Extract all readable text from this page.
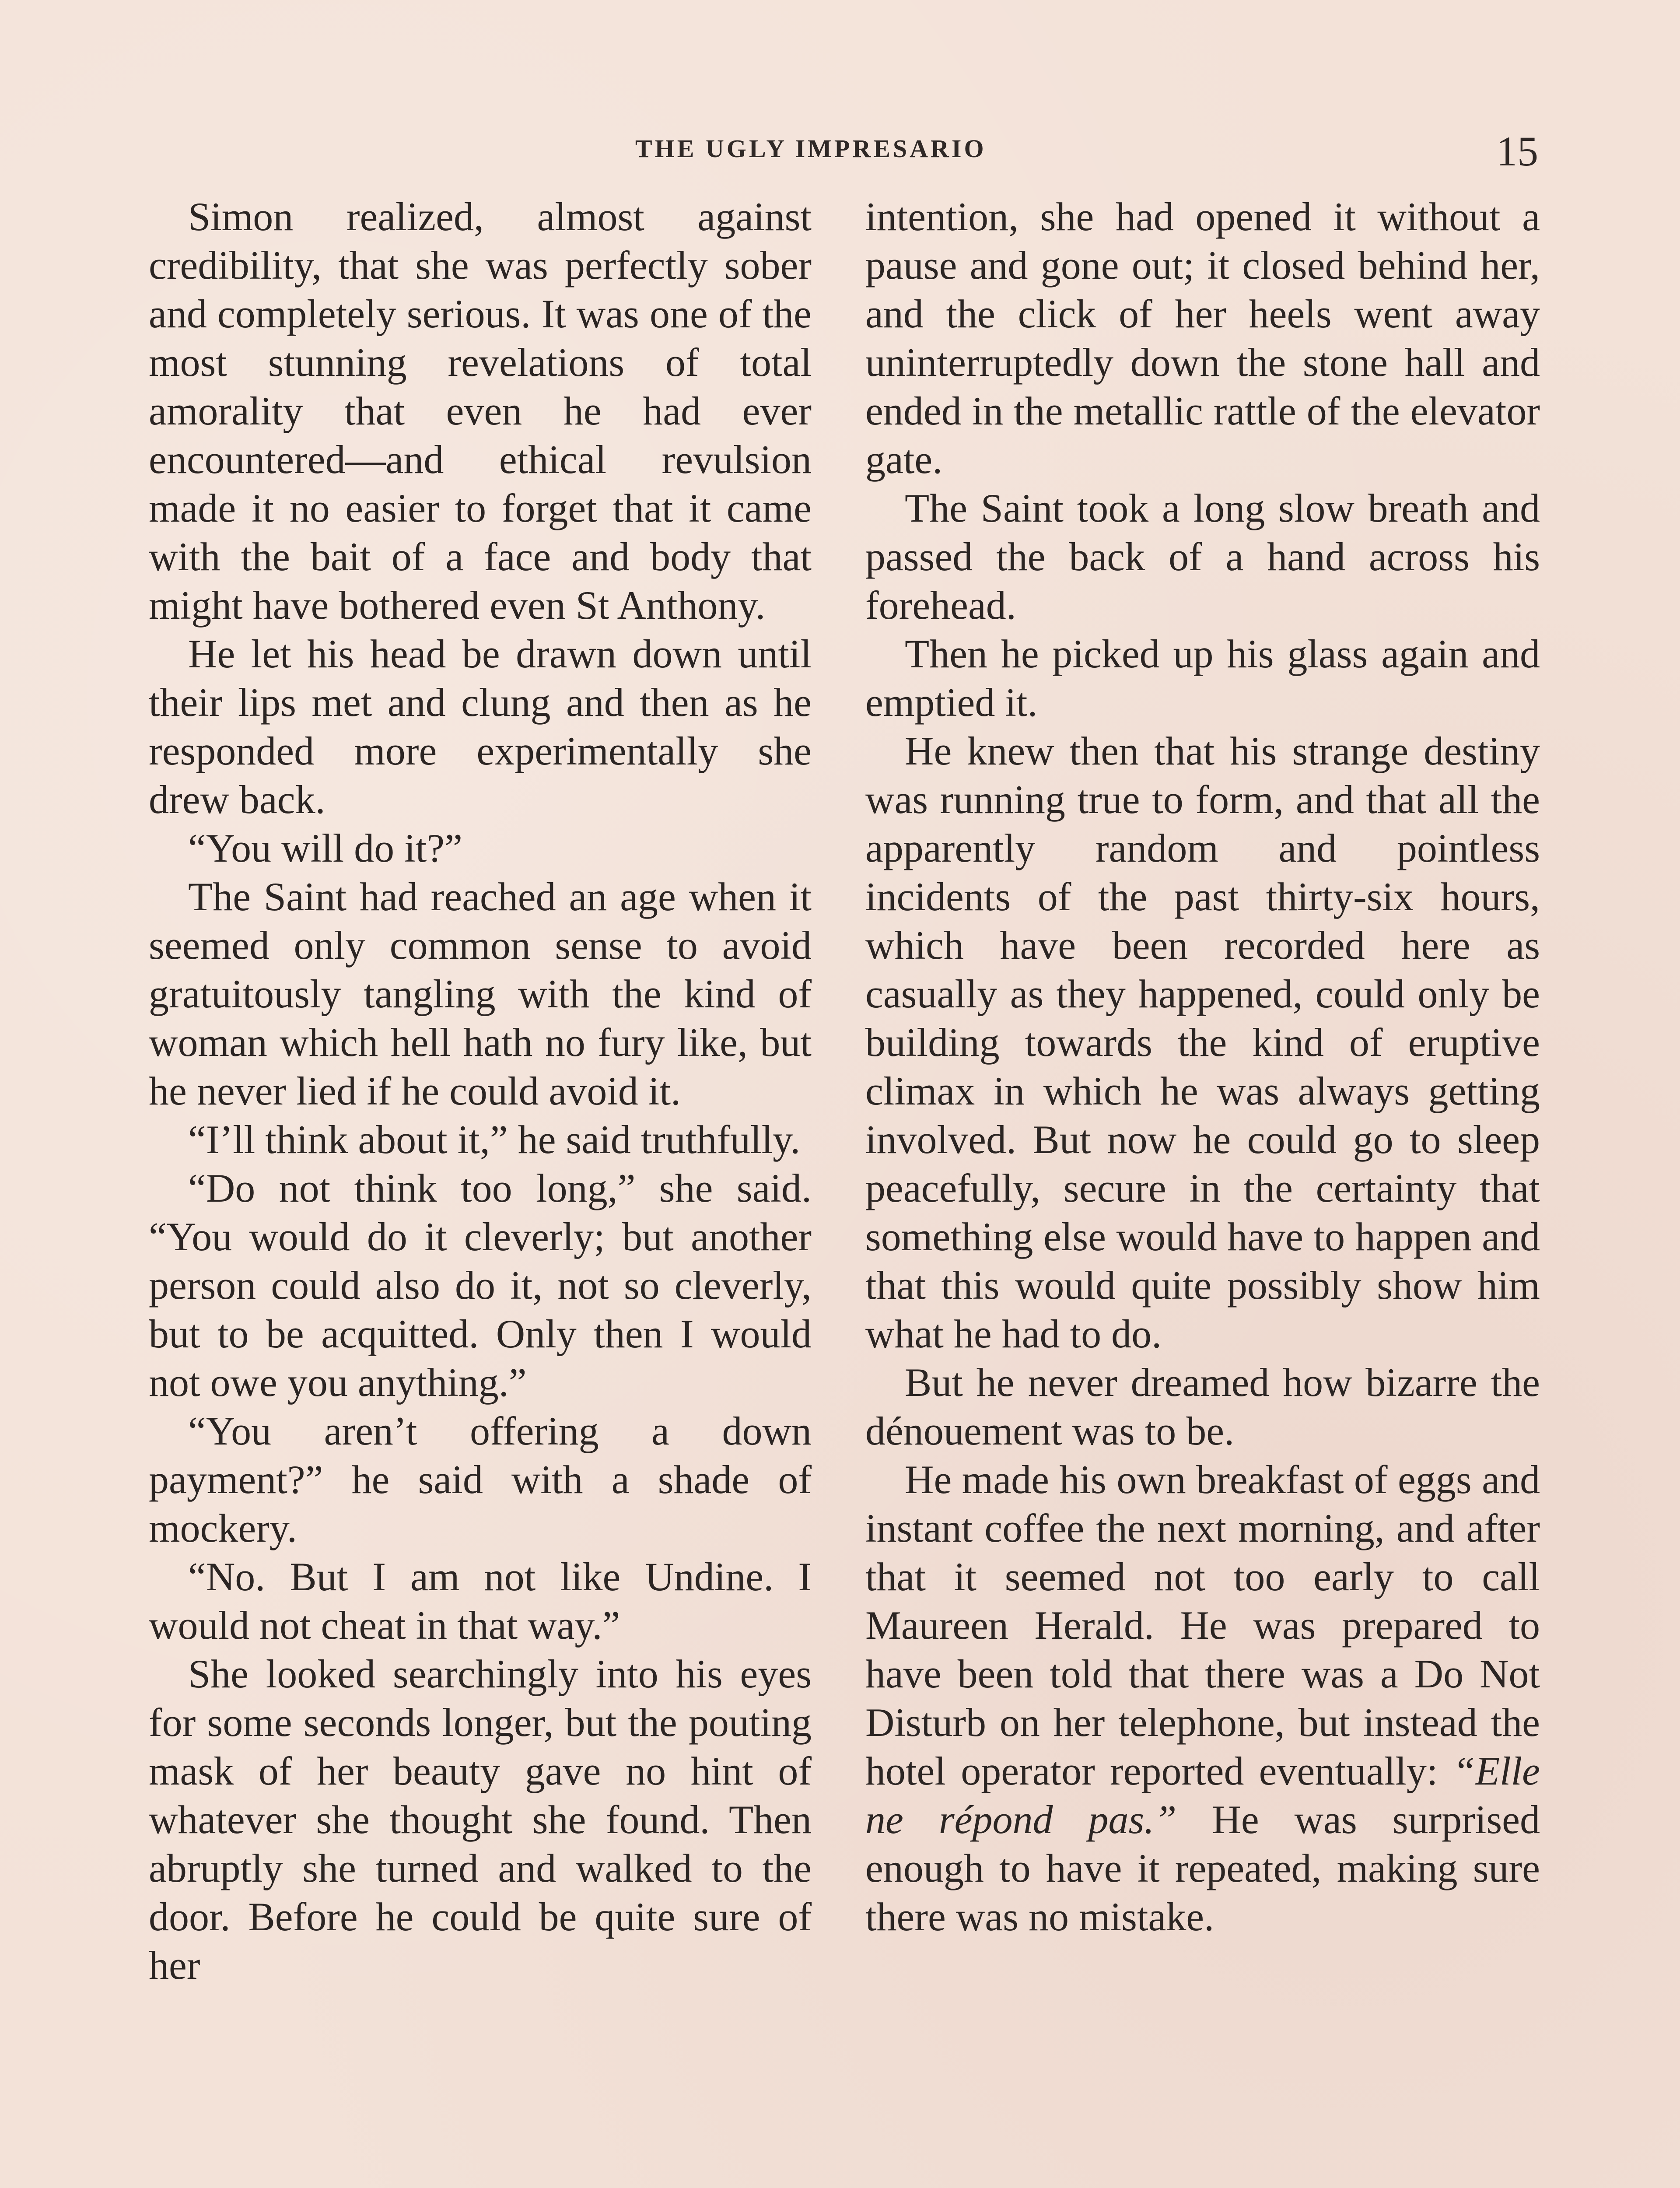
THE UGLY IMPRESARIO	15

Simon realized, almost against credibility, that she was perfectly sober and completely serious. It was one of the most stunning revelations of total amorality that even he had ever encountered—and ethical revulsion made it no easier to forget that it came with the bait of a face and body that might have bothered even St Anthony.

He let his head be drawn down until their lips met and clung and then as he responded more experimentally she drew back.

“You will do it?”

The Saint had reached an age when it seemed only common sense to avoid gratuitously tangling with the kind of woman which hell hath no fury like, but he never lied if he could avoid it.

“I’ll think about it,” he said truthfully.

“Do not think too long,” she said. “You would do it cleverly; but another person could also do it, not so cleverly, but to be acquitted. Only then I would not owe you anything.”

“You aren’t offering a down payment?” he said with a shade of mockery.

“No. But I am not like Undine. I would not cheat in that way.”

She looked searchingly into his eyes for some seconds longer, but the pouting mask of her beauty gave no hint of whatever she thought she found. Then abruptly she turned and walked to the door. Before he could be quite sure of her

intention, she had opened it without a pause and gone out; it closed behind her, and the click of her heels went away uninterruptedly down the stone hall and ended in the metallic rattle of the elevator gate.

The Saint took a long slow breath and passed the back of a hand across his forehead.

Then he picked up his glass again and emptied it.

He knew then that his strange destiny was running true to form, and that all the apparently random and pointless incidents of the past thirty-six hours, which have been recorded here as casually as they happened, could only be building towards the kind of eruptive climax in which he was always getting involved. But now he could go to sleep peacefully, secure in the certainty that something else would have to happen and that this would quite possibly show him what he had to do.

But he never dreamed how bizarre the dénouement was to be.

He made his own breakfast of eggs and instant coffee the next morning, and after that it seemed not too early to call Maureen Herald. He was prepared to have been told that there was a Do Not Disturb on her telephone, but instead the hotel operator reported eventually: “Elle ne répond pas.” He was surprised enough to have it repeated, making sure there was no mistake.
